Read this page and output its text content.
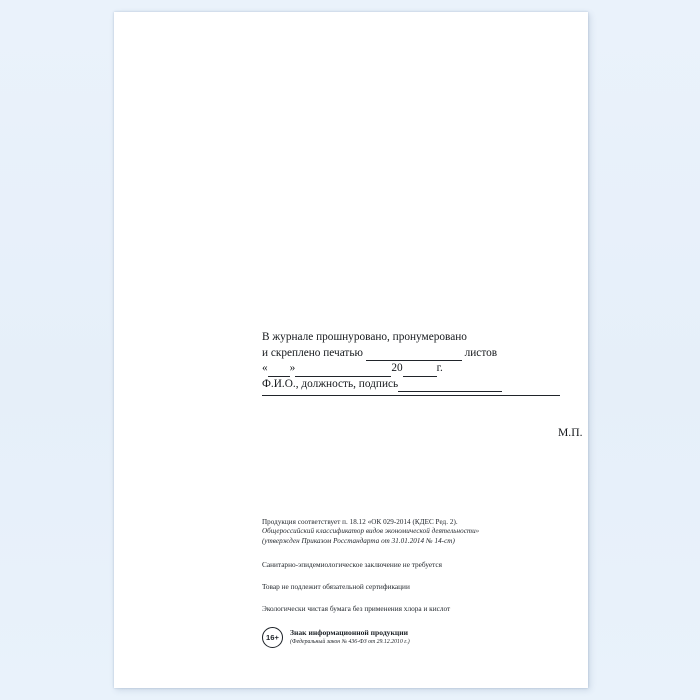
В журнале прошнуровано, пронумеровано
и скреплено печатью	листов
« »	20	г.
Ф.И.О., должность, подпись
М.П.
Продукция соответствует п. 18.12 «ОК 029-2014 (КДЕС Ред. 2).
Общероссийский классификатор видов экономической деятельности»
(утвержден Приказом Росстандарта от 31.01.2014 № 14-ст)
Санитарно-эпидемиологическое заключение не требуется
Товар не подлежит обязательной сертификации
Экологически чистая бумага без применения хлора и кислот
16+
Знак информационной продукции
(Федеральный закон № 436-ФЗ от 29.12.2010 г.)
